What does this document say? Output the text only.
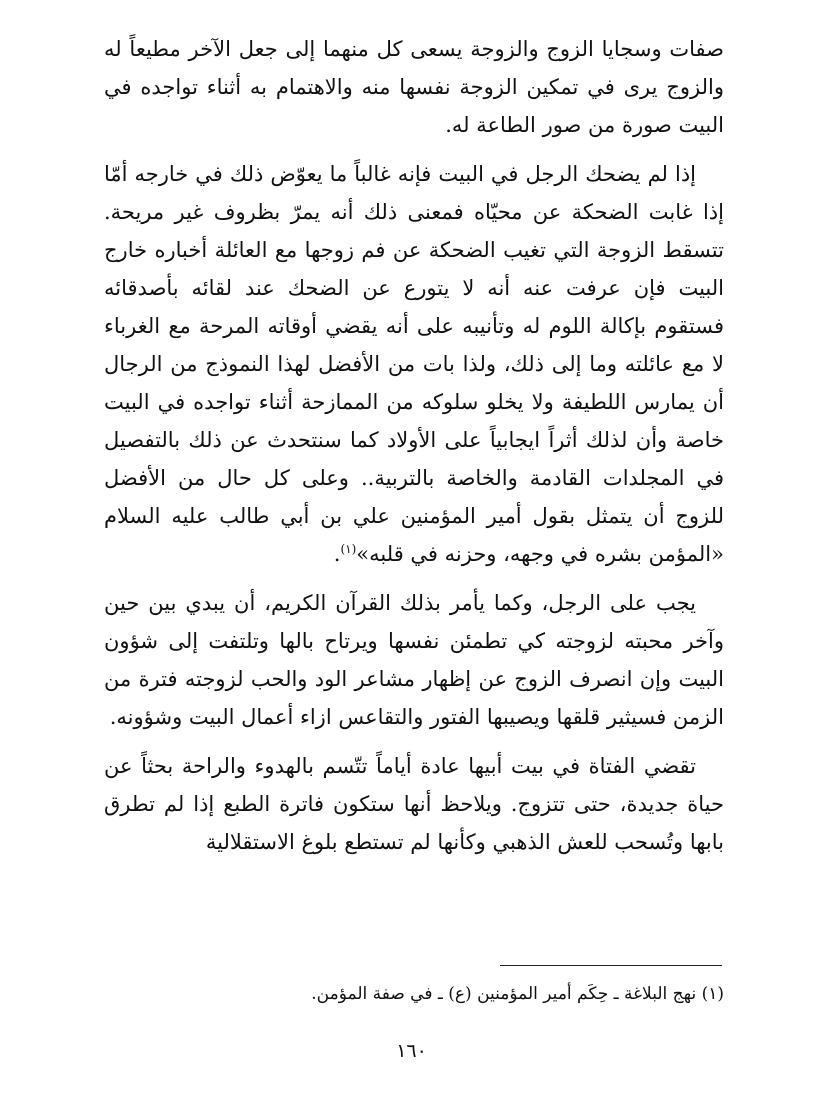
صفات وسجايا الزوج والزوجة يسعى كل منهما إلى جعل الآخر مطيعاً له والزوج يرى في تمكين الزوجة نفسها منه والاهتمام به أثناء تواجده في البيت صورة من صور الطاعة له.

إذا لم يضحك الرجل في البيت فإنه غالباً ما يعوّض ذلك في خارجه أمّا إذا غابت الضحكة عن محيّاه فمعنى ذلك أنه يمرّ بظروف غير مريحة. تتسقط الزوجة التي تغيب الضحكة عن فم زوجها مع العائلة أخباره خارج البيت فإن عرفت عنه أنه لا يتورع عن الضحك عند لقائه بأصدقائه فستقوم بإكالة اللوم له وتأنيبه على أنه يقضي أوقاته المرحة مع الغرباء لا مع عائلته وما إلى ذلك، ولذا بات من الأفضل لهذا النموذج من الرجال أن يمارس اللطيفة ولا يخلو سلوكه من الممازحة أثناء تواجده في البيت خاصة وأن لذلك أثراً ايجابياً على الأولاد كما سنتحدث عن ذلك بالتفصيل في المجلدات القادمة والخاصة بالتربية.. وعلى كل حال من الأفضل للزوج أن يتمثل بقول أمير المؤمنين علي بن أبي طالب عليه السلام «المؤمن بشره في وجهه، وحزنه في قلبه»$^{(١)}$.

يجب على الرجل، وكما يأمر بذلك القرآن الكريم، أن يبدي بين حين وآخر محبته لزوجته كي تطمئن نفسها ويرتاح بالها وتلتفت إلى شؤون البيت وإن انصرف الزوج عن إظهار مشاعر الود والحب لزوجته فترة من الزمن فسيثير قلقها ويصيبها الفتور والتقاعس ازاء أعمال البيت وشؤونه.

تقضي الفتاة في بيت أبيها عادة أياماً تتّسم بالهدوء والراحة بحثاً عن حياة جديدة، حتى تتزوج. ويلاحظ أنها ستكون فاترة الطبع إذا لم تطرق بابها وتُسحب للعش الذهبي وكأنها لم تستطع بلوغ الاستقلالية

(١) نهج البلاغة ـ حِكَم أمير المؤمنين (ع) ـ في صفة المؤمن.
١٦٠
